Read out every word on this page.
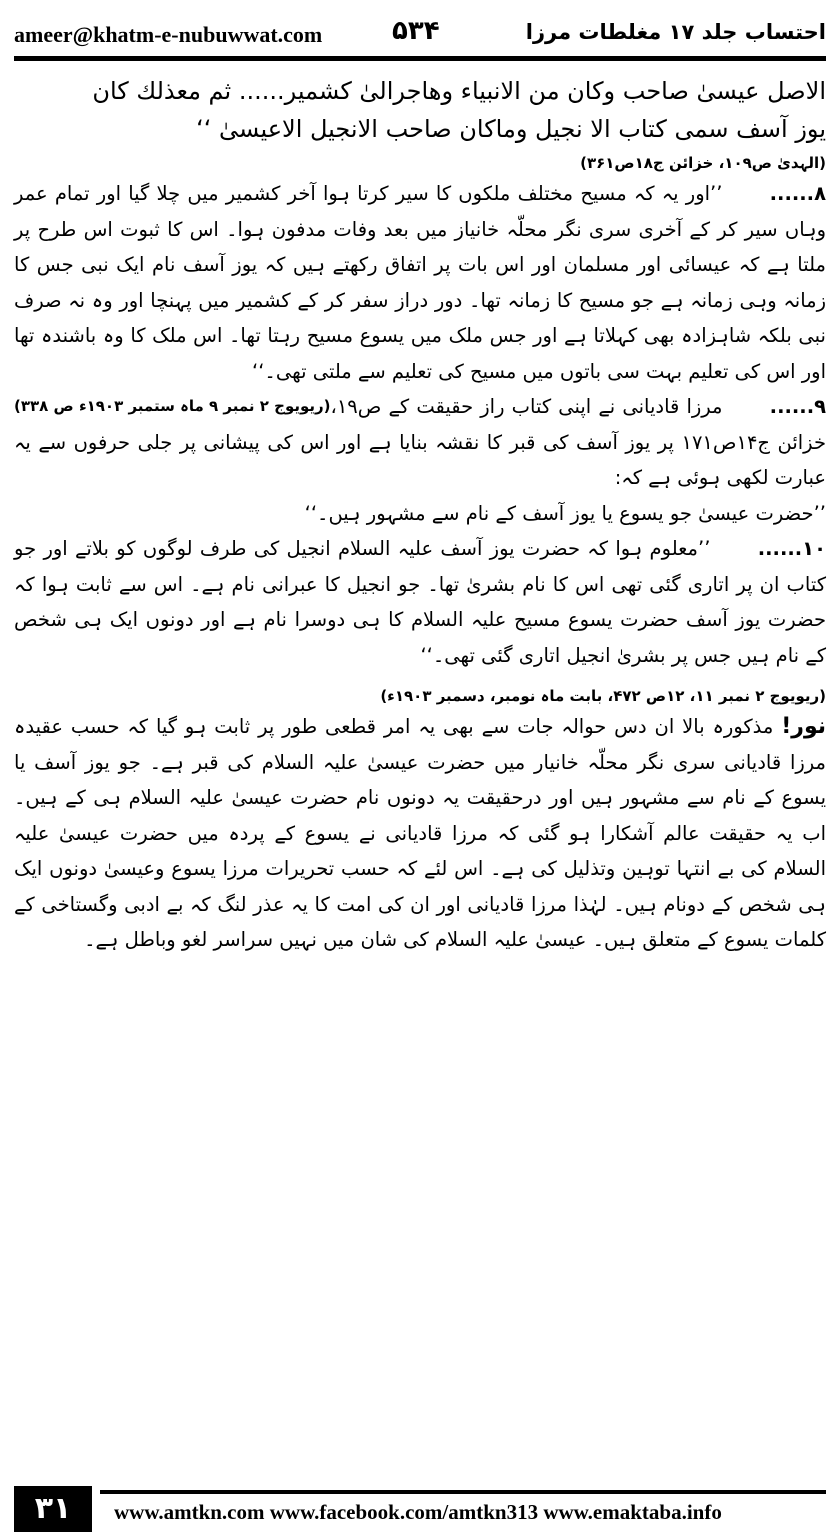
ameer@khatm-e-nubuwwat.com	۵۳۴	احتساب جلد ۱۷ مغلطات مرزا

الاصل عیسیٰ صاحب وکان من الانبیاء وهاجرالیٰ کشمیر...... ثم معذلك کان

یوز آسف سمی کتاب الا نجیل وماکان صاحب الانجیل الاعیسیٰ ‘‘

(الہدیٰ ص۱۰۹، خزائن ج۱۸ص۳۶۱)

۸...... ’’اور یہ کہ مسیح مختلف ملکوں کا سیر کرتا ہوا آخر کشمیر میں چلا گیا اور تمام عمر وہاں سیر کر کے آخری سری نگر محلّہ خانیاز میں بعد وفات مدفون ہوا۔ اس کا ثبوت اس طرح پر ملتا ہے کہ عیسائی اور مسلمان اور اس بات پر اتفاق رکھتے ہیں کہ یوز آسف نام ایک نبی جس کا زمانہ وہی زمانہ ہے جو مسیح کا زمانہ تھا۔ دور دراز سفر کر کے کشمیر میں پہنچا اور وہ نہ صرف نبی بلکہ شاہزادہ بھی کہلاتا ہے اور جس ملک میں یسوع مسیح رہتا تھا۔ اس ملک کا وہ باشندہ تھا اور اس کی تعلیم بہت سی باتوں میں مسیح کی تعلیم سے ملتی تھی۔‘‘
(ریویوج ۲ نمبر ۹ ماہ ستمبر ۱۹۰۳ء ص ۳۳۸)	۹...... مرزا قادیانی نے اپنی کتاب راز حقیقت کے ص۱۹، خزائن ج۱۴ص۱۷۱ پر یوز آسف کی قبر کا نقشہ بنایا ہے اور اس کی پیشانی پر جلی حرفوں سے یہ عبارت لکھی ہوئی ہے کہ:

’’حضرت عیسیٰ جو یسوع یا یوز آسف کے نام سے مشہور ہیں۔‘‘

۱۰...... ’’معلوم ہوا کہ حضرت یوز آسف علیہ السلام انجیل کی طرف لوگوں کو بلاتے اور جو کتاب ان پر اتاری گئی تھی اس کا نام بشریٰ تھا۔ جو انجیل کا عبرانی نام ہے۔ اس سے ثابت ہوا کہ حضرت یوز آسف حضرت یسوع مسیح علیہ السلام کا ہی دوسرا نام ہے اور دونوں ایک ہی شخص کے نام ہیں جس پر بشریٰ انجیل اتاری گئی تھی۔‘‘

(ریویوج ۲ نمبر ۱۱، ۱۲ص ۴۷۲، بابت ماہ نومبر، دسمبر ۱۹۰۳ء)

نور! مذکورہ بالا ان دس حوالہ جات سے بھی یہ امر قطعی طور پر ثابت ہو گیا کہ حسب عقیدہ مرزا قادیانی سری نگر محلّہ خانیار میں حضرت عیسیٰ علیہ السلام کی قبر ہے۔ جو یوز آسف یا یسوع کے نام سے مشہور ہیں اور درحقیقت یہ دونوں نام حضرت عیسیٰ علیہ السلام ہی کے ہیں۔ اب یہ حقیقت عالم آشکارا ہو گئی کہ مرزا قادیانی نے یسوع کے پردہ میں حضرت عیسیٰ علیہ السلام کی بے انتہا توہین وتذلیل کی ہے۔ اس لئے کہ حسب تحریرات مرزا یسوع وعیسیٰ دونوں ایک ہی شخص کے دونام ہیں۔ لہٰذا مرزا قادیانی اور ان کی امت کا یہ عذر لنگ کہ بے ادبی وگستاخی کے کلمات یسوع کے متعلق ہیں۔ عیسیٰ علیہ السلام کی شان میں نہیں سراسر لغو وباطل ہے۔

۳۱	www.amtkn.com www.facebook.com/amtkn313 www.emaktaba.info
